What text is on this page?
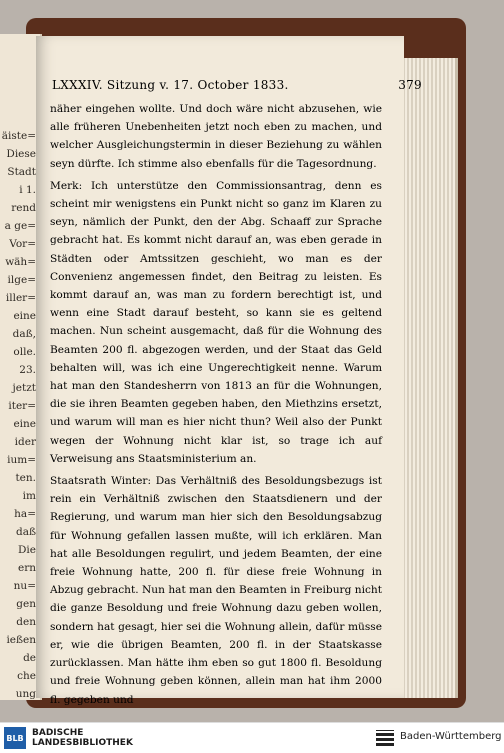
äiste=
Diese
Stadt
i 1.
rend
a ge=
Vor=
wäh=
ilge=
iller=
eine
daß,
olle.
23.
jetzt
iter=
eine
ider
ium=
ten.
im
ha=
daß
Die
ern
nu=
gen
den
ießen
de
che
ung
LXXXIV. Sitzung v. 17. October 1833.	379

näher eingehen wollte. Und doch wäre nicht abzusehen, wie alle früheren Unebenheiten jetzt noch eben zu machen, und welcher Ausgleichungstermin in dieser Beziehung zu wählen seyn dürfte. Ich stimme also ebenfalls für die Tagesordnung.

Merk: Ich unterstütze den Commissionsantrag, denn es scheint mir wenigstens ein Punkt nicht so ganz im Klaren zu seyn, nämlich der Punkt, den der Abg. Schaaff zur Sprache gebracht hat. Es kommt nicht darauf an, was eben gerade in Städten oder Amtssitzen geschieht, wo man es der Convenienz angemessen findet, den Beitrag zu leisten. Es kommt darauf an, was man zu fordern berechtigt ist, und wenn eine Stadt darauf besteht, so kann sie es geltend machen. Nun scheint ausgemacht, daß für die Wohnung des Beamten 200 fl. abgezogen werden, und der Staat das Geld behalten will, was ich eine Ungerechtigkeit nenne. Warum hat man den Standesherrn von 1813 an für die Wohnungen, die sie ihren Beamten gegeben haben, den Miethzins ersetzt, und warum will man es hier nicht thun? Weil also der Punkt wegen der Wohnung nicht klar ist, so trage ich auf Verweisung ans Staatsministerium an.

Staatsrath Winter: Das Verhältniß des Besoldungsbezugs ist rein ein Verhältniß zwischen den Staatsdienern und der Regierung, und warum man hier sich den Besoldungsabzug für Wohnung gefallen lassen mußte, will ich erklären. Man hat alle Besoldungen regulirt, und jedem Beamten, der eine freie Wohnung hatte, 200 fl. für diese freie Wohnung in Abzug gebracht. Nun hat man den Beamten in Freiburg nicht die ganze Besoldung und freie Wohnung dazu geben wollen, sondern hat gesagt, hier sei die Wohnung allein, dafür müsse er, wie die übrigen Beamten, 200 fl. in der Staatskasse zurücklassen. Man hätte ihm eben so gut 1800 fl. Besoldung und freie Wohnung geben können, allein man hat ihm 2000 fl. gegeben und

BLB BADISCHE
LANDESBIBLIOTHEK
Baden-Württemberg
